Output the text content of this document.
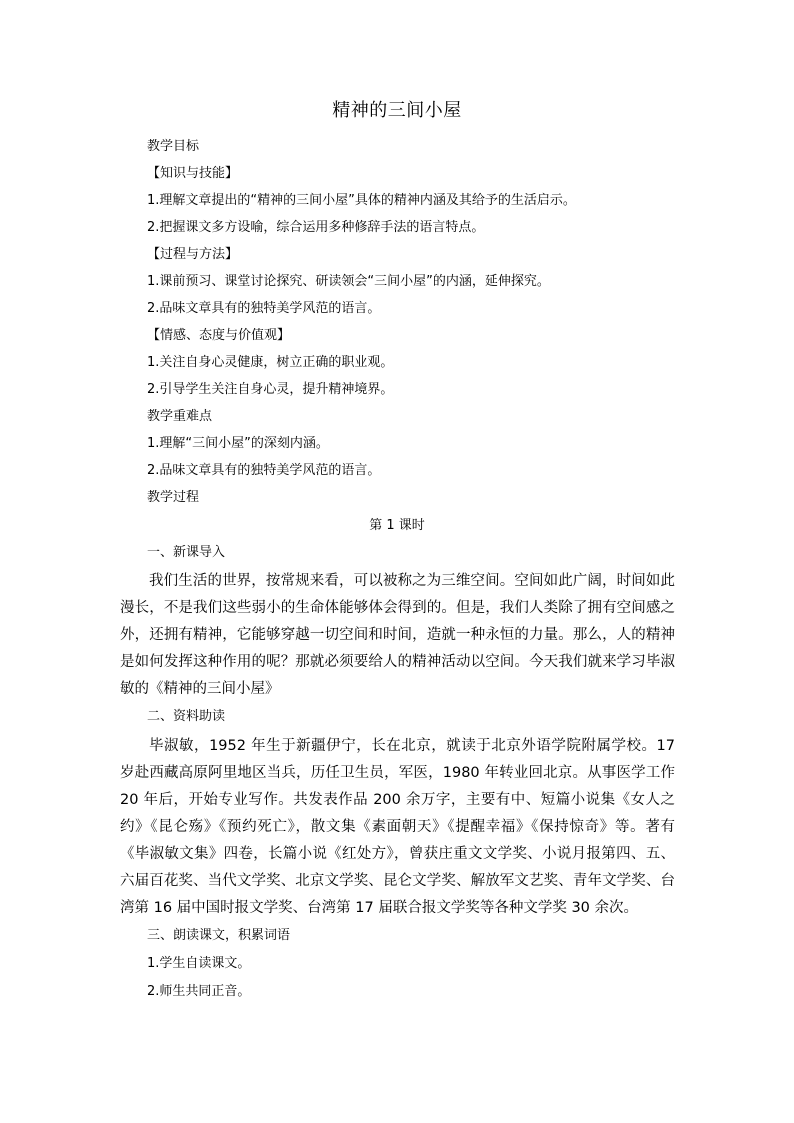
精神的三间小屋
教学目标
【知识与技能】
1.理解文章提出的“精神的三间小屋”具体的精神内涵及其给予的生活启示。
2.把握课文多方设喻，综合运用多种修辞手法的语言特点。
【过程与方法】
1.课前预习、课堂讨论探究、研读领会“三间小屋”的内涵，延伸探究。
2.品味文章具有的独特美学风范的语言。
【情感、态度与价值观】
1.关注自身心灵健康，树立正确的职业观。
2.引导学生关注自身心灵，提升精神境界。
教学重难点
1.理解“三间小屋”的深刻内涵。
2.品味文章具有的独特美学风范的语言。
教学过程
第 1 课时
一、新课导入
我们生活的世界，按常规来看，可以被称之为三维空间。空间如此广阔，时间如此漫长，不是我们这些弱小的生命体能够体会得到的。但是，我们人类除了拥有空间感之外，还拥有精神，它能够穿越一切空间和时间，造就一种永恒的力量。那么，人的精神是如何发挥这种作用的呢？那就必须要给人的精神活动以空间。今天我们就来学习毕淑敏的《精神的三间小屋》
二、资料助读
毕淑敏，1952 年生于新疆伊宁，长在北京，就读于北京外语学院附属学校。17 岁赴西藏高原阿里地区当兵，历任卫生员，军医，1980 年转业回北京。从事医学工作 20 年后，开始专业写作。共发表作品 200 余万字，主要有中、短篇小说集《女人之约》《昆仑殇》《预约死亡》，散文集《素面朝天》《提醒幸福》《保持惊奇》等。著有《毕淑敏文集》四卷，长篇小说《红处方》，曾获庄重文文学奖、小说月报第四、五、六届百花奖、当代文学奖、北京文学奖、昆仑文学奖、解放军文艺奖、青年文学奖、台湾第 16 届中国时报文学奖、台湾第 17 届联合报文学奖等各种文学奖 30 余次。
三、朗读课文，积累词语
1.学生自读课文。
2.师生共同正音。
